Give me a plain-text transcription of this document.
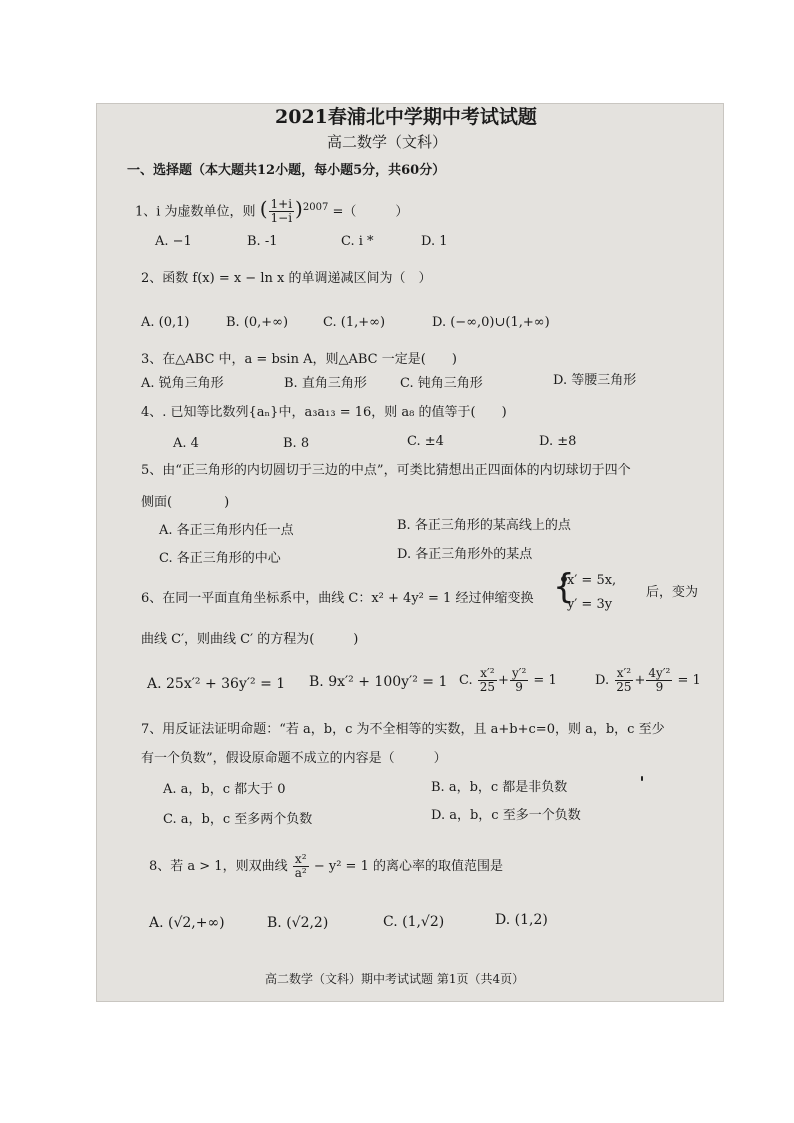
2021春浦北中学期中考试试题
高二数学（文科）
一、选择题（本大题共12小题，每小题5分，共60分）
1、i 为虚数单位，则 ( $\frac{1+i}{1-i} )^{2007}$ =（　　　）
A. −1	B. -1	C. i *	D. 1
2、函数 f(x) = x − ln x 的单调递减区间为（　）
A. (0,1)	B. (0,+∞)	C. (1,+∞)	D. (−∞,0)∪(1,+∞)
3、在△ABC 中，a = bsin A，则△ABC 一定是(　　)
A. 锐角三角形	B. 直角三角形	C. 钝角三角形	D. 等腰三角形
4、. 已知等比数列{aₙ}中，a₃a₁₃ = 16，则 a₈ 的值等于(　　)
A. 4	B. 8	C. ±4	D. ±8
5、由“正三角形的内切圆切于三边的中点”，可类比猜想出正四面体的内切球切于四个
侧面(　　　　)
A. 各正三角形内任一点	B. 各正三角形的某高线上的点
C. 各正三角形的中心	D. 各正三角形外的某点
6、在同一平面直角坐标系中，曲线 C：x² + 4y² = 1 经过伸缩变换 {
x′ = 5x,
y′ = 3y
后，变为
曲线 C′，则曲线 C′ 的方程为(　　　)
A. 25x′² + 36y′² = 1 B. 9x′² + 100y′² = 1 C. $\frac{\text{x′²}}{25} + \frac{\text{y′²}}{9} = 1$	D. $\frac{\text{x′²}}{25} + \frac{\text{4y′²}}{9} = 1$
7、用反证法证明命题：“若 a，b，c 为不全相等的实数，且 a+b+c=0，则 a，b，c 至少
有一个负数”，假设原命题不成立的内容是（　　　）
A. a，b，c 都大于 0	B. a，b，c 都是非负数
C. a，b，c 至多两个负数	D. a，b，c 至多一个负数
8、若 a > 1，则双曲线 $\frac{\text{x²}}{\text{a²}} - y^2 = 1$ 的离心率的取值范围是
A. (√2,+∞)	B. (√2,2)	C. (1,√2)	D. (1,2)
高二数学（文科）期中考试试题 第1页（共4页）
